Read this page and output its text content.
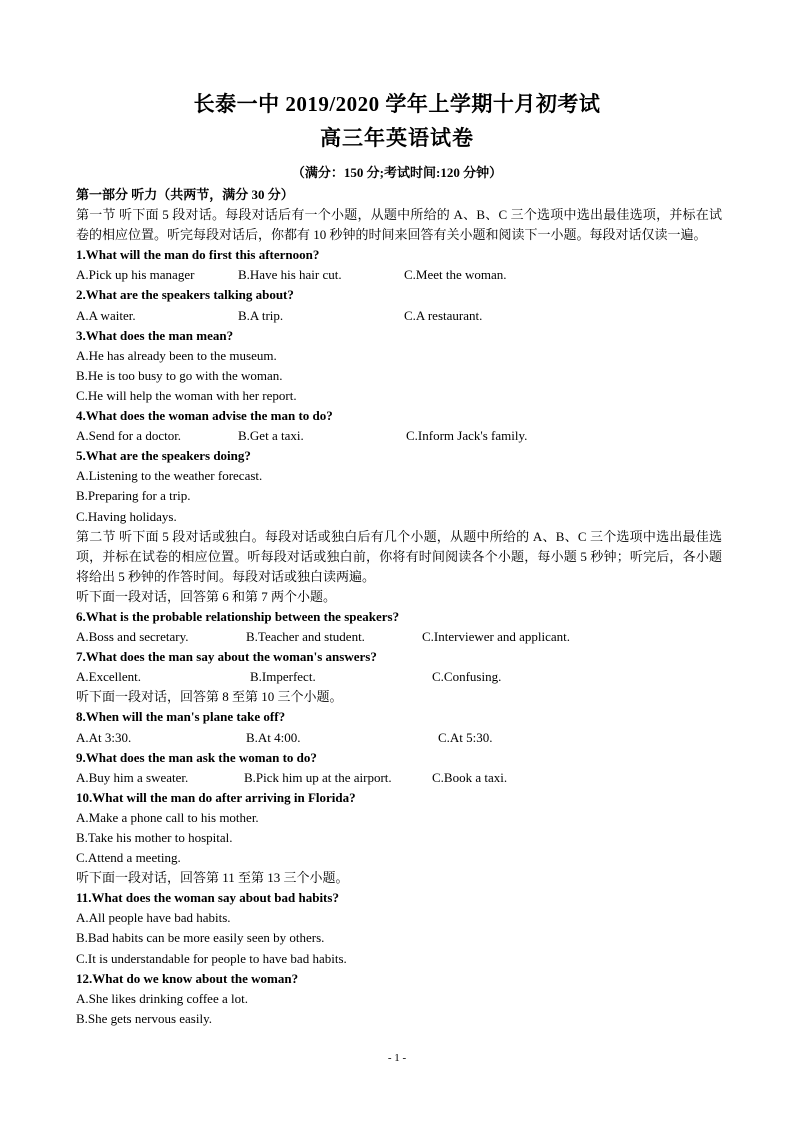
长泰一中 2019/2020 学年上学期十月初考试
高三年英语试卷
（满分：150 分;考试时间:120 分钟）
第一部分 听力（共两节，满分 30 分）
第一节 听下面 5 段对话。每段对话后有一个小题，从题中所给的 A、B、C 三个选项中选出最佳选项，并标在试卷的相应位置。听完每段对话后，你都有 10 秒钟的时间来回答有关小题和阅读下一小题。每段对话仅读一遍。
1.What will the man do first this afternoon?
A.Pick up his manager	B.Have his hair cut.	C.Meet the woman.
2.What are the speakers talking about?
A.A waiter.	B.A trip.	C.A restaurant.
3.What does the man mean?
A.He has already been to the museum.
B.He is too busy to go with the woman.
C.He will help the woman with her report.
4.What does the woman advise the man to do?
A.Send for a doctor.	B.Get a taxi.	C.Inform Jack's family.
5.What are the speakers doing?
A.Listening to the weather forecast.
B.Preparing for a trip.
C.Having holidays.
第二节 听下面 5 段对话或独白。每段对话或独白后有几个小题，从题中所给的 A、B、C 三个选项中选出最佳选项，并标在试卷的相应位置。听每段对话或独白前，你将有时间阅读各个小题，每小题 5 秒钟；听完后，各小题将给出 5 秒钟的作答时间。每段对话或独白读两遍。
听下面一段对话，回答第 6 和第 7 两个小题。
6.What is the probable relationship between the speakers?
A.Boss and secretary.	B.Teacher and student.	C.Interviewer and applicant.
7.What does the man say about the woman's answers?
A.Excellent.	B.Imperfect.	C.Confusing.
听下面一段对话，回答第 8 至第 10 三个小题。
8.When will the man's plane take off?
A.At 3:30.	B.At 4:00.	C.At 5:30.
9.What does the man ask the woman to do?
A.Buy him a sweater.	B.Pick him up at the airport.	C.Book a taxi.
10.What will the man do after arriving in Florida?
A.Make a phone call to his mother.
B.Take his mother to hospital.
C.Attend a meeting.
听下面一段对话，回答第 11 至第 13 三个小题。
11.What does the woman say about bad habits?
A.All people have bad habits.
B.Bad habits can be more easily seen by others.
C.It is understandable for people to have bad habits.
12.What do we know about the woman?
A.She likes drinking coffee a lot.
B.She gets nervous easily.
- 1 -
